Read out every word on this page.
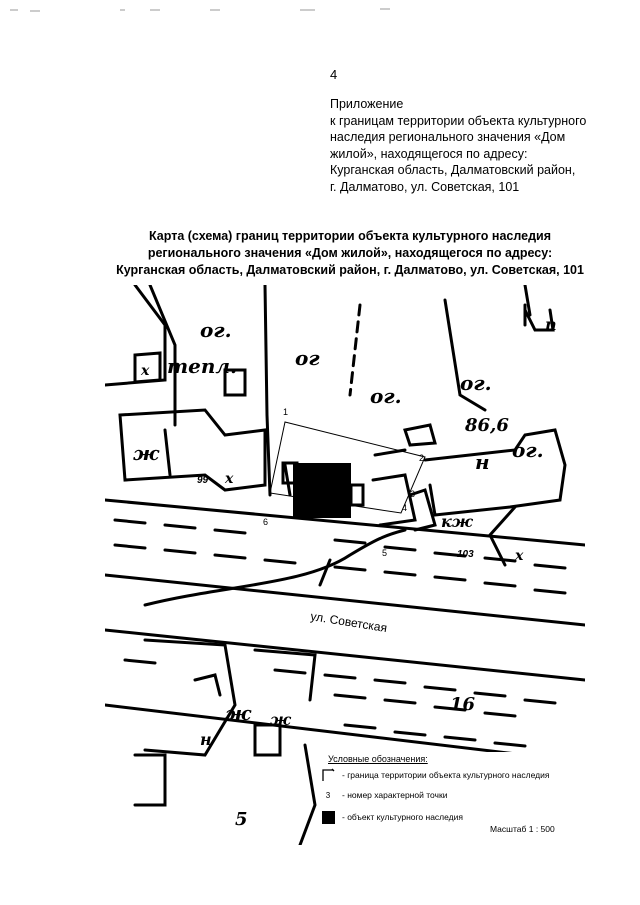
4
Приложение
к границам территории объекта культурного
наследия регионального значения «Дом
жилой», находящегося по адресу:
Курганская область, Далматовский район,
г. Далматово, ул. Советская, 101
Карта (схема) границ территории объекта культурного наследия
регионального значения «Дом жилой», находящегося по адресу:
Курганская область, Далматовский район, г. Далматово, ул. Советская, 101
ог.
тепл.	ог
ог.
ог.
ог.
ж
х
х
н
кж
п
86,6
ж ж
н
х
16
5
99
103
ул. Советская
1
2
3
4
5
6
Условные обозначения:
- граница территории объекта культурного наследия
3	- номер характерной точки
- объект культурного наследия
Масштаб 1 : 500
